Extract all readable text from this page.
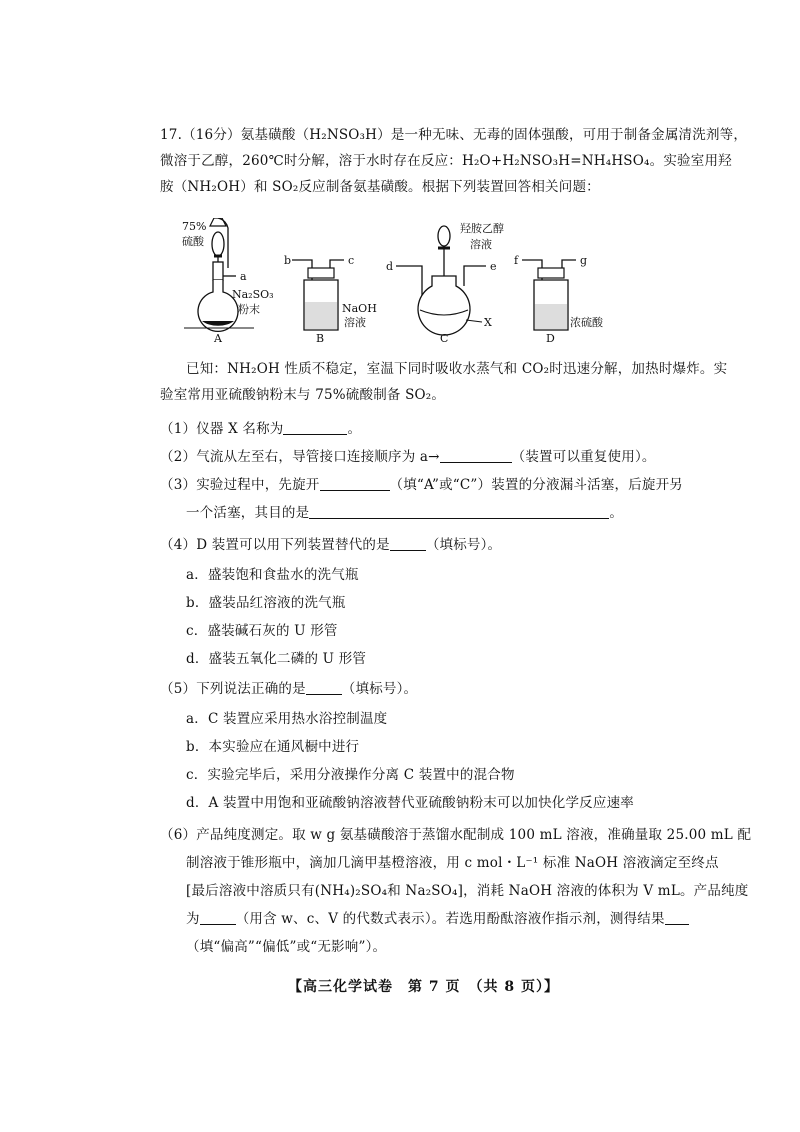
17.（16分）氨基磺酸（H₂NSO₃H）是一种无味、无毒的固体强酸，可用于制备金属清洗剂等，
微溶于乙醇，260℃时分解，溶于水时存在反应：H₂O+H₂NSO₃H=NH₄HSO₄。实验室用羟
胺（NH₂OH）和 SO₂反应制备氨基磺酸。根据下列装置回答相关问题：
75%
硫酸
a
Na₂SO₃
粉末
A
b	c
NaOH
溶液
B
羟胺乙醇
溶液
d	e
X
C
f	g
浓硫酸
D
已知：NH₂OH 性质不稳定，室温下同时吸收水蒸气和 CO₂时迅速分解，加热时爆炸。实
验室常用亚硫酸钠粉末与 75%硫酸制备 SO₂。
（1）仪器 X 名称为	。
（2）气流从左至右，导管接口连接顺序为 a→	（装置可以重复使用）。
（3）实验过程中，先旋开	（填“A”或“C”）装置的分液漏斗活塞，后旋开另
一个活塞，其目的是	。
（4）D 装置可以用下列装置替代的是	（填标号）。
a．盛装饱和食盐水的洗气瓶
b．盛装品红溶液的洗气瓶
c．盛装碱石灰的 U 形管
d．盛装五氧化二磷的 U 形管
（5）下列说法正确的是	（填标号）。
a．C 装置应采用热水浴控制温度
b．本实验应在通风橱中进行
c．实验完毕后，采用分液操作分离 C 装置中的混合物
d．A 装置中用饱和亚硫酸钠溶液替代亚硫酸钠粉末可以加快化学反应速率
（6）产品纯度测定。取 w g 氨基磺酸溶于蒸馏水配制成 100 mL 溶液，准确量取 25.00 mL 配
制溶液于锥形瓶中，滴加几滴甲基橙溶液，用 c mol・L⁻¹ 标准 NaOH 溶液滴定至终点
[最后溶液中溶质只有(NH₄)₂SO₄和 Na₂SO₄]，消耗 NaOH 溶液的体积为 V mL。产品纯度
为	（用含 w、c、V 的代数式表示）。若选用酚酞溶液作指示剂，测得结果
（填“偏高”“偏低”或“无影响”）。
【高三化学试卷　第 7 页　（共 8 页）】
